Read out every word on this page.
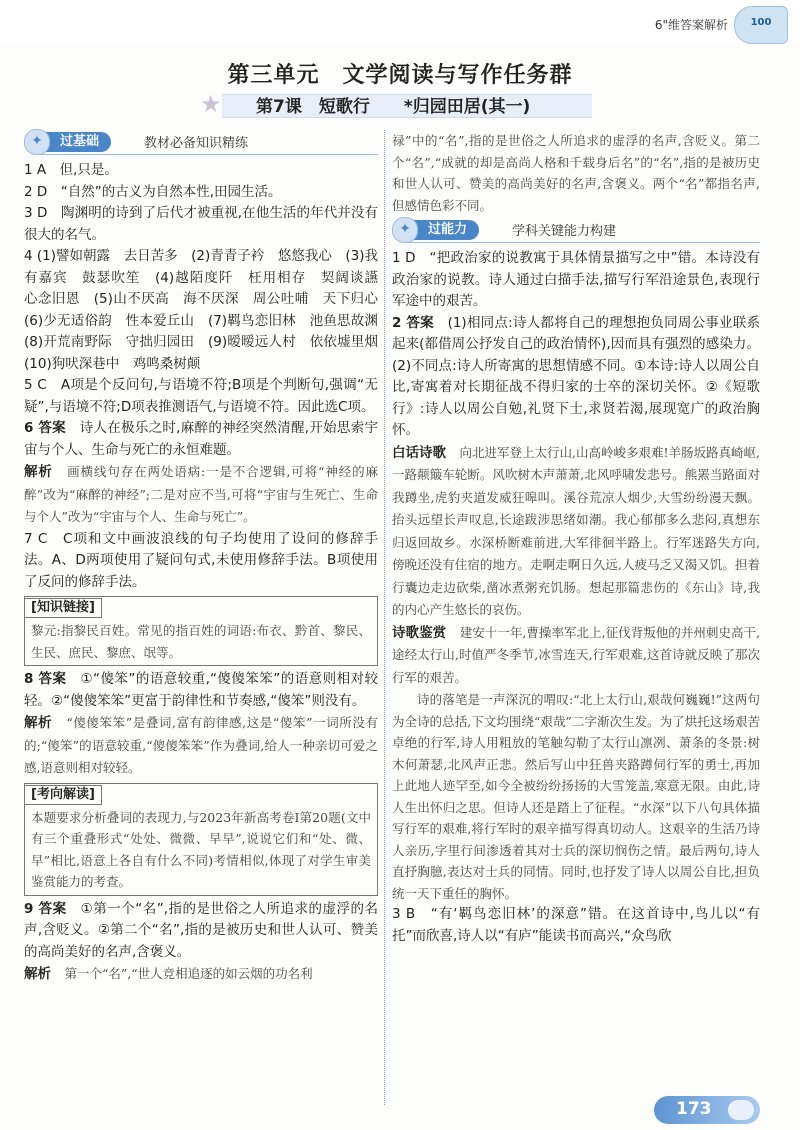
6"维答案解析	100
第三单元　文学阅读与写作任务群
★ 第7课　短歌行　　*归园田居(其一)
✦	过基础	教材必备知识精练

1 A　但,只是。

2 D　“自然”的古义为自然本性,田园生活。

3 D　陶渊明的诗到了后代才被重视,在他生活的年代并没有很大的名气。

4 (1)譬如朝露　去日苦多　(2)青青子衿　悠悠我心　(3)我有嘉宾　鼓瑟吹笙　(4)越陌度阡　枉用相存　契阔谈讌　心念旧恩　(5)山不厌高　海不厌深　周公吐哺　天下归心　(6)少无适俗韵　性本爱丘山　(7)羁鸟恋旧林　池鱼思故渊　(8)开荒南野际　守拙归园田　(9)暧暧远人村　依依墟里烟　(10)狗吠深巷中　鸡鸣桑树颠

5 C　A项是个反问句,与语境不符;B项是个判断句,强调“无疑”,与语境不符;D项表推测语气,与语境不符。因此选C项。

6 答案　 诗人在极乐之时,麻醉的神经突然清醒,开始思索宇宙与个人、生命与死亡的永恒难题。

解析　 画横线句存在两处语病:一是不合逻辑,可将“神经的麻醉”改为“麻醉的神经”;二是对应不当,可将“宇宙与生死亡、生命与个人”改为“宇宙与个人、生命与死亡”。

7 C　C项和文中画波浪线的句子均使用了设问的修辞手法。A、D两项使用了疑问句式,未使用修辞手法。B项使用了反问的修辞手法。

[知识链接]

黎元:指黎民百姓。常见的指百姓的词语:布衣、黔首、黎民、生民、庶民、黎庶、氓等。

8 答案　 ①“傻笨”的语意较重,“傻傻笨笨”的语意则相对较轻。②“傻傻笨笨”更富于韵律性和节奏感,“傻笨”则没有。

解析　 “傻傻笨笨”是叠词,富有韵律感,这是“傻笨”一词所没有的;“傻笨”的语意较重,“傻傻笨笨”作为叠词,给人一种亲切可爱之感,语意则相对较轻。

[考向解读]

本题要求分析叠词的表现力,与2023年新高考卷Ⅰ第20题(文中有三个重叠形式“处处、微微、早早”,说说它们和“处、微、早”相比,语意上各自有什么不同)考情相似,体现了对学生审美鉴赏能力的考查。

9 答案　 ①第一个“名”,指的是世俗之人所追求的虚浮的名声,含贬义。②第二个“名”,指的是被历史和世人认可、赞美的高尚美好的名声,含褒义。

解析　 第一个“名”,“世人竞相追逐的如云烟的功名利

禄”中的“名”,指的是世俗之人所追求的虚浮的名声,含贬义。第二个“名”,“成就的却是高尚人格和千载身后名”的“名”,指的是被历史和世人认可、赞美的高尚美好的名声,含褒义。两个“名”都指名声,但感情色彩不同。

✦	过能力	学科关键能力构建

1 D　“把政治家的说教寓于具体情景描写之中”错。本诗没有政治家的说教。诗人通过白描手法,描写行军沿途景色,表现行军途中的艰苦。

2 答案　 (1)相同点:诗人都将自己的理想抱负同周公事业联系起来(都借周公抒发自己的政治情怀),因而具有强烈的感染力。(2)不同点:诗人所寄寓的思想情感不同。①本诗:诗人以周公自比,寄寓着对长期征战不得归家的士卒的深切关怀。②《短歌行》:诗人以周公自勉,礼贤下士,求贤若渴,展现宽广的政治胸怀。

白话诗歌　 向北进军登上太行山,山高岭峻多艰难!羊肠坂路真崎岖,一路颠簸车轮断。风吹树木声萧萧,北风呼啸发悲号。熊罴当路面对我蹲坐,虎豹夹道发威狂嗥叫。溪谷荒凉人烟少,大雪纷纷漫天飘。抬头远望长声叹息,长途跋涉思绪如潮。我心郁郁多么悲闷,真想东归返回故乡。水深桥断难前进,大军徘徊半路上。行军迷路失方向,傍晚还没有住宿的地方。走啊走啊日久远,人疲马乏又渴又饥。担着行囊边走边砍柴,凿冰煮粥充饥肠。想起那篇悲伤的《东山》诗,我的内心产生悠长的哀伤。

诗歌鉴赏　 建安十一年,曹操率军北上,征伐背叛他的并州刺史高干,途经太行山,时值严冬季节,冰雪连天,行军艰难,这首诗就反映了那次行军的艰苦。

诗的落笔是一声深沉的喟叹:“北上太行山,艰哉何巍巍!”这两句为全诗的总括,下文均围绕“艰哉”二字渐次生发。为了烘托这场艰苦卓绝的行军,诗人用粗放的笔触勾勒了太行山凛冽、萧条的冬景:树木何萧瑟,北风声正悲。然后写山中狂兽夹路蹲伺行军的勇士,再加上此地人迹罕至,如今全被纷纷扬扬的大雪笼盖,寒意无限。由此,诗人生出怀归之思。但诗人还是踏上了征程。“水深”以下八句具体描写行军的艰难,将行军时的艰辛描写得真切动人。这艰辛的生活乃诗人亲历,字里行间渗透着其对士兵的深切悯伤之情。最后两句,诗人直抒胸臆,表达对士兵的同情。同时,也抒发了诗人以周公自比,担负统一天下重任的胸怀。

3 B　“有‘羁鸟恋旧林’的深意”错。在这首诗中,鸟儿以“有托”而欣喜,诗人以“有庐”能读书而高兴,“众鸟欣

173
